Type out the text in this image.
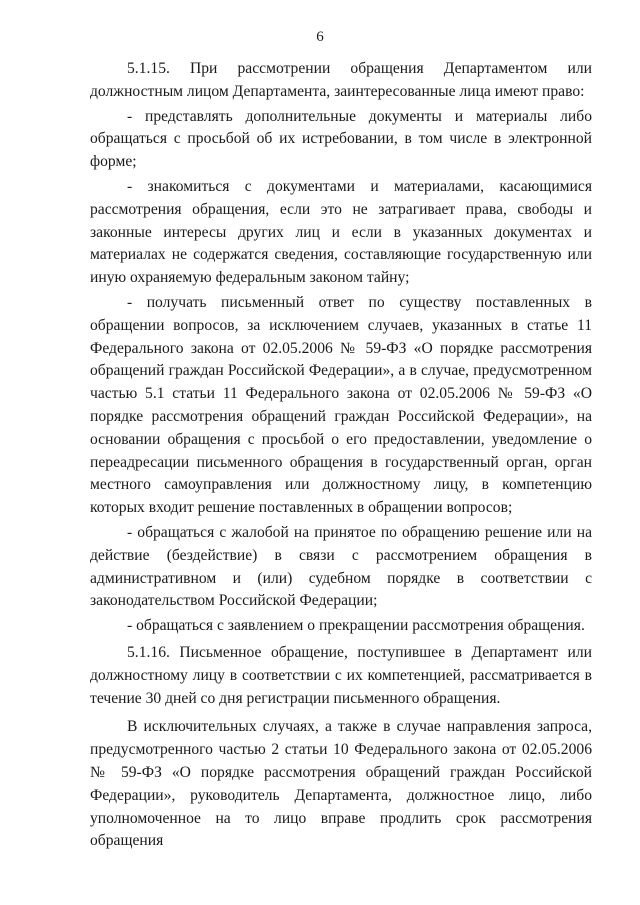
6

5.1.15. При рассмотрении обращения Департаментом или должностным лицом Департамента, заинтересованные лица имеют право:

- представлять дополнительные документы и материалы либо обращаться с просьбой об их истребовании, в том числе в электронной форме;

- знакомиться с документами и материалами, касающимися рассмотрения обращения, если это не затрагивает права, свободы и законные интересы других лиц и если в указанных документах и материалах не содержатся сведения, составляющие государственную или иную охраняемую федеральным законом тайну;

- получать письменный ответ по существу поставленных в обращении вопросов, за исключением случаев, указанных в статье 11 Федерального закона от 02.05.2006 № 59-ФЗ «О порядке рассмотрения обращений граждан Российской Федерации», а в случае, предусмотренном частью 5.1 статьи 11 Федерального закона от 02.05.2006 № 59-ФЗ «О порядке рассмотрения обращений граждан Российской Федерации», на основании обращения с просьбой о его предоставлении, уведомление о переадресации письменного обращения в государственный орган, орган местного самоуправления или должностному лицу, в компетенцию которых входит решение поставленных в обращении вопросов;

- обращаться с жалобой на принятое по обращению решение или на действие (бездействие) в связи с рассмотрением обращения в административном и (или) судебном порядке в соответствии с законодательством Российской Федерации;

- обращаться с заявлением о прекращении рассмотрения обращения.

5.1.16. Письменное обращение, поступившее в Департамент или должностному лицу в соответствии с их компетенцией, рассматривается в течение 30 дней со дня регистрации письменного обращения.

В исключительных случаях, а также в случае направления запроса, предусмотренного частью 2 статьи 10 Федерального закона от 02.05.2006 № 59-ФЗ «О порядке рассмотрения обращений граждан Российской Федерации», руководитель Департамента, должностное лицо, либо уполномоченное на то лицо вправе продлить срок рассмотрения обращения
